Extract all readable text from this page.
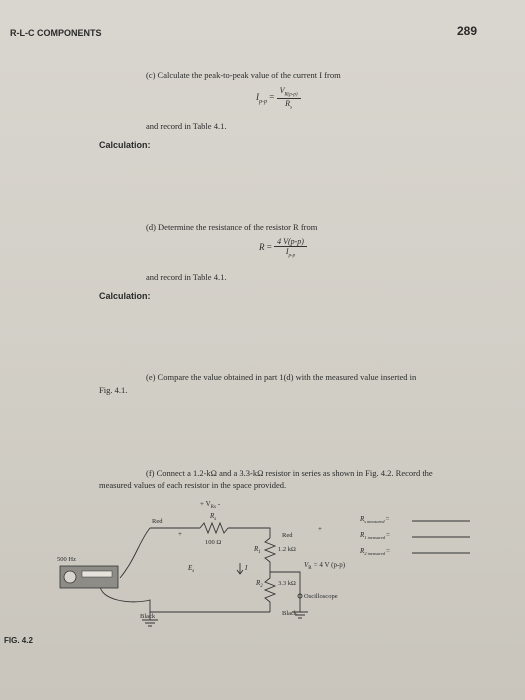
R-L-C COMPONENTS	289
(c) Calculate the peak-to-peak value of the current I from
$I_{p-p} = \frac{V_{R(p-p)}}{R_s}$
and record in Table 4.1.
Calculation:
(d) Determine the resistance of the resistor R from
$R = \frac{4 V(p-p)}{I_{p-p}}$
and record in Table 4.1.
Calculation:
(e) Compare the value obtained in part 1(d) with the measured value inserted in
Fig. 4.1.
(f) Connect a 1.2-kΩ and a 3.3-kΩ resistor in series as shown in Fig. 4.2. Record the
measured values of each resistor in the space provided.
+ $V_{Rs}$ -
$R_s$
Red
+
100 Ω
Red
+
$R_1$	1.2 kΩ
$E_s$	I	$V_R = 4$ V (p-p)
$R_2$ 3.3 kΩ
500 Hz
Oscilloscope
Black	Black
$R_{s measured}=$
$R_{1 measured}=$
$R_{2 measured}=$
FIG. 4.2
